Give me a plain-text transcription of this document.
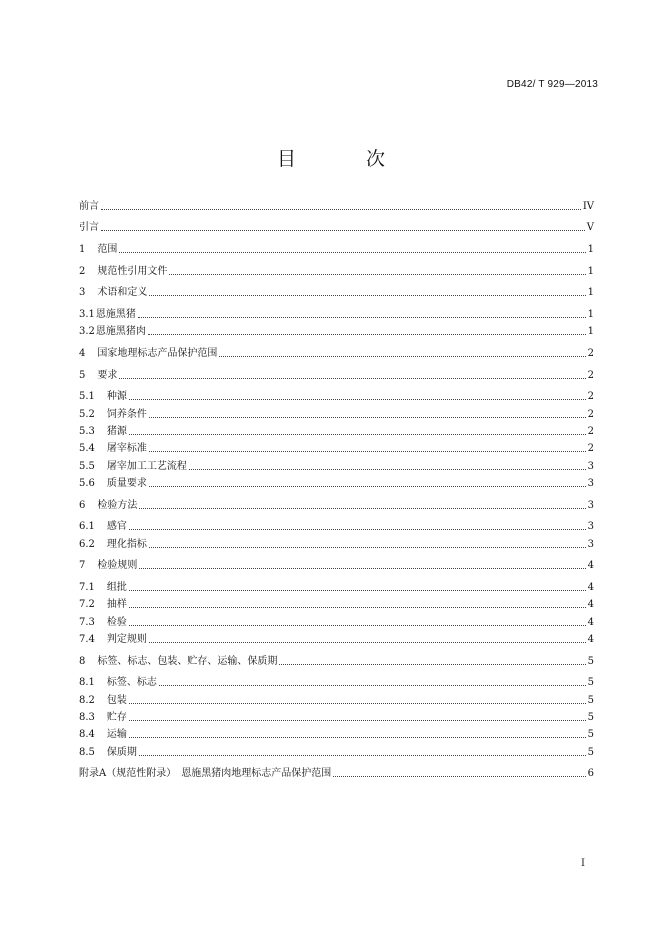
DB42/ T 929—2013
目 次
前言	IV
引言	V
1 范围	1
2 规范性引用文件	1
3 术语和定义	1
3.1 恩施黑猪	1
3.2 恩施黑猪肉	1
4 国家地理标志产品保护范围	2
5 要求	2
5.1 种源	2
5.2 饲养条件	2
5.3 猪源	2
5.4 屠宰标准	2
5.5 屠宰加工工艺流程	3
5.6 质量要求	3
6 检验方法	3
6.1 感官	3
6.2 理化指标	3
7 检验规则	4
7.1 组批	4
7.2 抽样	4
7.3 检验	4
7.4 判定规则	4
8 标签、标志、包装、贮存、运输、保质期	5
8.1 标签、标志	5
8.2 包装	5
8.3 贮存	5
8.4 运输	5
8.5 保质期	5
附录A（规范性附录）　恩施黑猪肉地理标志产品保护范围	6
I
